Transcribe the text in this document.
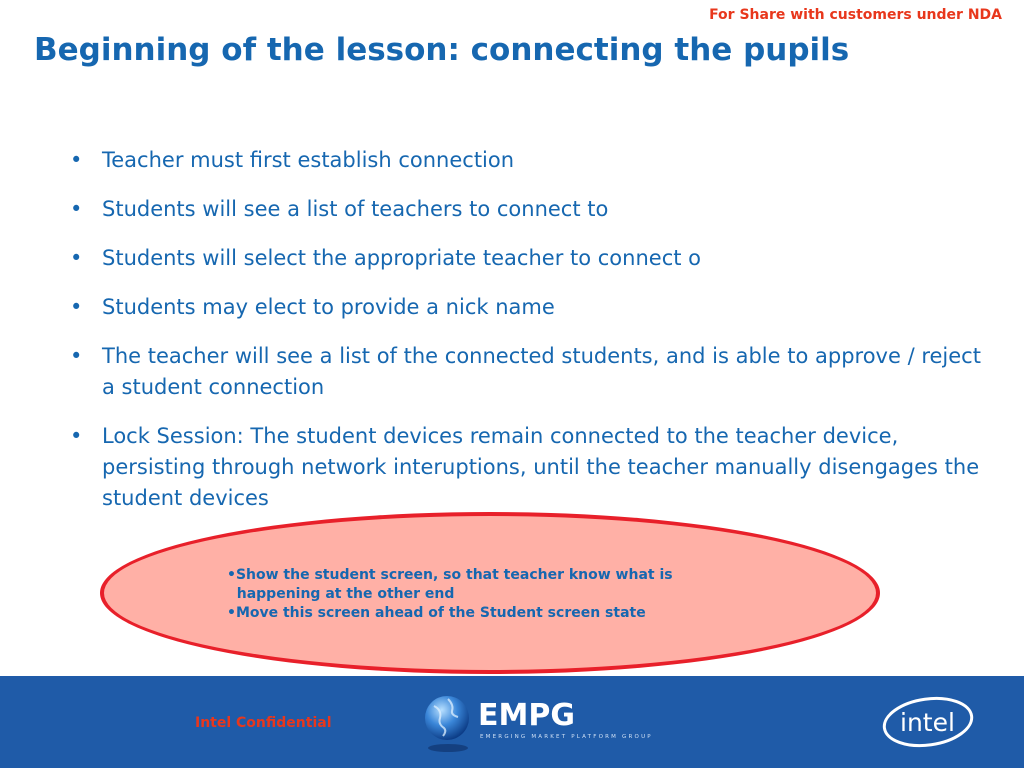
For Share with customers under NDA
Beginning of the lesson: connecting the pupils
• Teacher must first establish connection
• Students will see a list of teachers to connect to
• Students will select the appropriate teacher to connect o
• Students may elect to provide a nick name
• The teacher will see a list of the connected students, and is able to approve / reject a student connection
• Lock Session: The student devices remain connected to the teacher device, persisting through network interuptions, until the teacher manually disengages the student devices
•Show the student screen, so that teacher know what is
happening at the other end
•Move this screen ahead of the Student screen state
Intel Confidential	EMPG
EMERGING MARKET PLATFORM GROUP	intel
